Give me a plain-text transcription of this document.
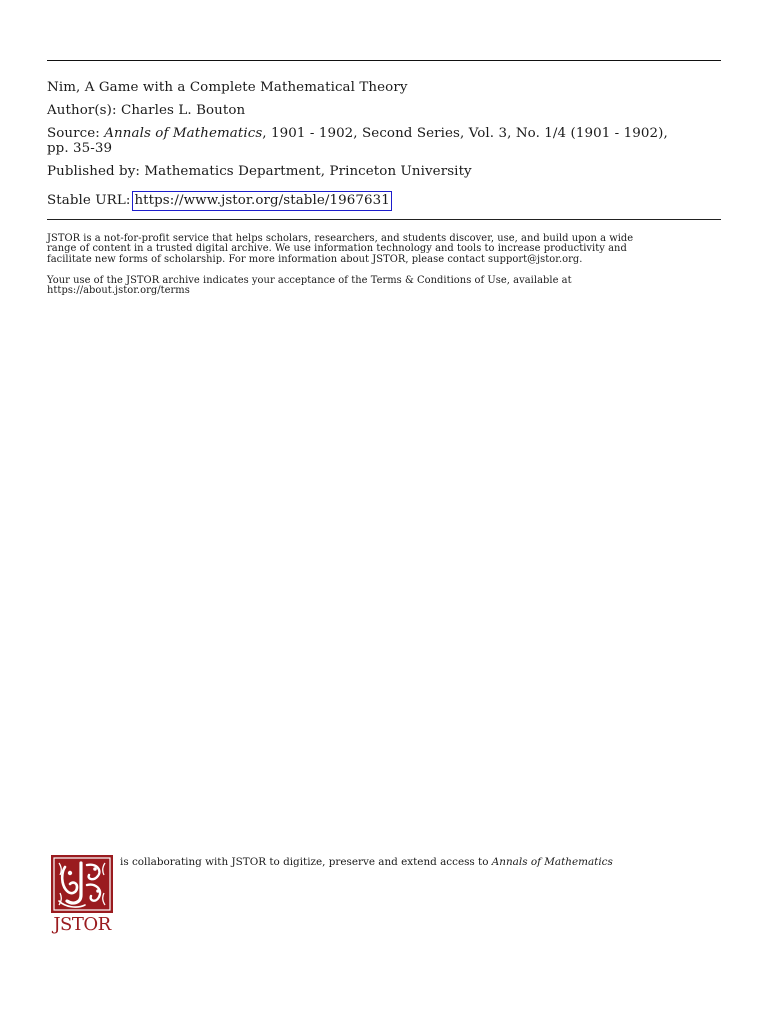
Nim, A Game with a Complete Mathematical Theory
Author(s): Charles L. Bouton
Source: Annals of Mathematics, 1901 - 1902, Second Series, Vol. 3, No. 1/4 (1901 - 1902),
pp. 35-39
Published by: Mathematics Department, Princeton University
Stable URL: https://www.jstor.org/stable/1967631

JSTOR is a not-for-profit service that helps scholars, researchers, and students discover, use, and build upon a wide

range of content in a trusted digital archive. We use information technology and tools to increase productivity and

facilitate new forms of scholarship. For more information about JSTOR, please contact support@jstor.org.

Your use of the JSTOR archive indicates your acceptance of the Terms & Conditions of Use, available at

https://about.jstor.org/terms

JSTOR
is collaborating with JSTOR to digitize, preserve and extend access to Annals of Mathematics
